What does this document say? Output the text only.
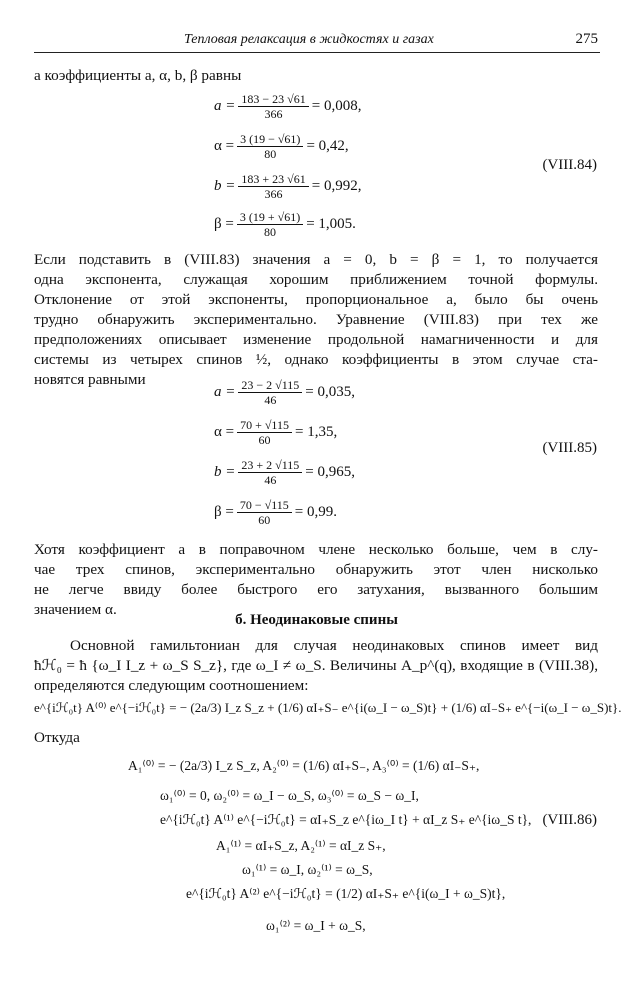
Тепловая релаксация в жидкостях и газах	275
а коэффициенты a, α, b, β равны
$a = \frac{183 - 23 √61}{366} = 0,008$,
$\alpha = \frac{3 (19 - √61)}{80} = 0,42$,
$b = \frac{183 + 23 √61}{366} = 0,992$,
$\beta = \frac{3 (19 + √61)}{80} = 1,005$.
(VIII.84)
Если подставить в (VIII.83) значения a = 0, b = β = 1, то получается
одна экспонента, служащая хорошим приближением точной формулы.
Отклонение от этой экспоненты, пропорциональное a, было бы очень
трудно обнаружить экспериментально. Уравнение (VIII.83) при тех же
предположениях описывает изменение продольной намагниченности и для
системы из четырех спинов ½, однако коэффициенты в этом случае ста-
новятся равными
$a = \frac{23 - 2 √115}{46} = 0,035$,
$\alpha = \frac{70 + √115}{60} = 1,35$,
$b = \frac{23 + 2 √115}{46} = 0,965$,
$\beta = \frac{70 - √115}{60} = 0,99$.
(VIII.85)
Хотя коэффициент a в поправочном члене несколько больше, чем в слу-
чае трех спинов, экспериментально обнаружить этот член нисколько
не легче ввиду более быстрого его затухания, вызванного большим
значением α.
б. Неодинаковые спины
Основной гамильтониан для случая неодинаковых спинов имеет вид
ħℋ₀ = ħ {ω_I I_z + ω_S S_z}, где ω_I ≠ ω_S. Величины A_p^(q), входящие в (VIII.38),
определяются следующим соотношением:
e^{iℋ₀t} A⁽⁰⁾ e^{−iℋ₀t} = − (2a/3) I_z S_z + (1/6) αI₊S₋ e^{i(ω_I − ω_S)t} + (1/6) αI₋S₊ e^{−i(ω_I − ω_S)t}.
Откуда
A₁⁽⁰⁾ = − (2a/3) I_z S_z, A₂⁽⁰⁾ = (1/6) αI₊S₋, A₃⁽⁰⁾ = (1/6) αI₋S₊,
ω₁⁽⁰⁾ = 0, ω₂⁽⁰⁾ = ω_I − ω_S, ω₃⁽⁰⁾ = ω_S − ω_I,
e^{iℋ₀t} A⁽¹⁾ e^{−iℋ₀t} = αI₊S_z e^{iω_I t} + αI_z S₊ e^{iω_S t},
A₁⁽¹⁾ = αI₊S_z, A₂⁽¹⁾ = αI_z S₊,
ω₁⁽¹⁾ = ω_I, ω₂⁽¹⁾ = ω_S,
e^{iℋ₀t} A⁽²⁾ e^{−iℋ₀t} = (1/2) αI₊S₊ e^{i(ω_I + ω_S)t},
ω₁⁽²⁾ = ω_I + ω_S,
(VIII.86)
